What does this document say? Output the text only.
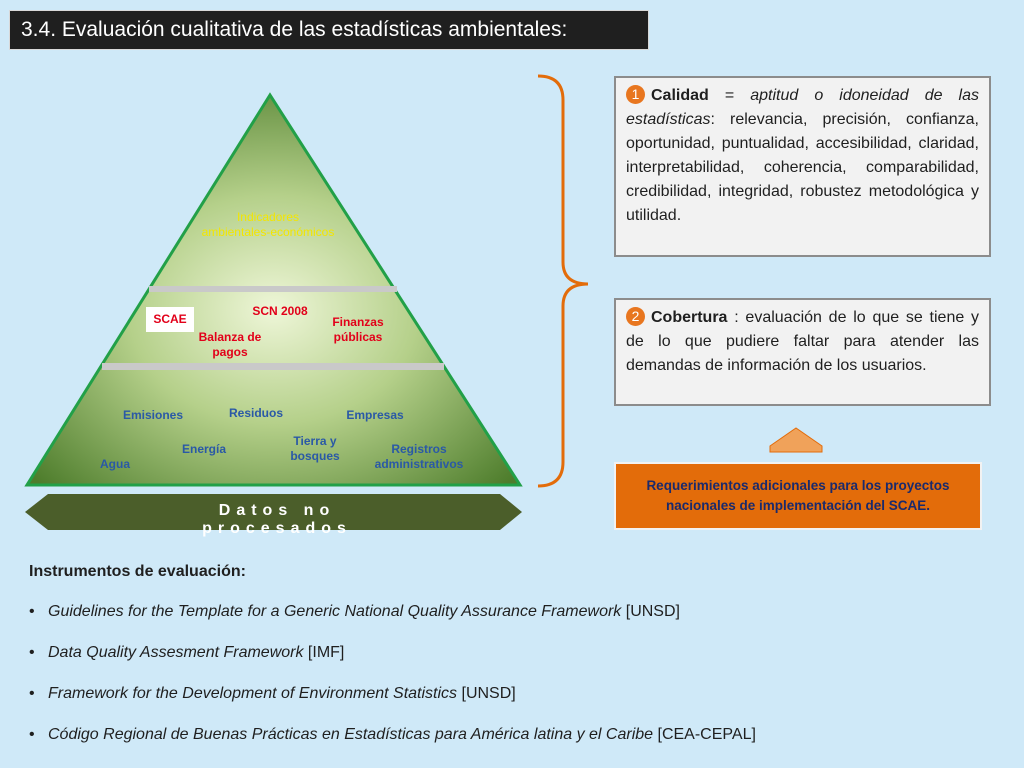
3.4. Evaluación cualitativa de las estadísticas ambientales:
Indicadores
ambientales-económicos
SCAE
SCN 2008
Balanza de
pagos
Finanzas
públicas
Emisiones	Residuos	Empresas
Energía
Tierra y
bosques	Registros
administrativos
Agua
Datos no procesados
1 Calidad = aptitud o idoneidad de las estadísticas: relevancia, precisión, confianza, oportunidad, puntualidad, accesibilidad, claridad, interpretabilidad, coherencia, comparabilidad, credibilidad, integridad, robustez metodológica y utilidad.
2 Cobertura : evaluación de lo que se tiene y de lo que pudiere faltar para atender las demandas de información de los usuarios.
Requerimientos adicionales para los proyectos nacionales de implementación del SCAE.
Instrumentos de evaluación:
• Guidelines for the Template for a Generic National Quality Assurance Framework [UNSD]
• Data Quality Assesment Framework [IMF]
• Framework for the Development of Environment Statistics [UNSD]
• Código Regional de Buenas Prácticas en Estadísticas para América latina y el Caribe [CEA-CEPAL]
